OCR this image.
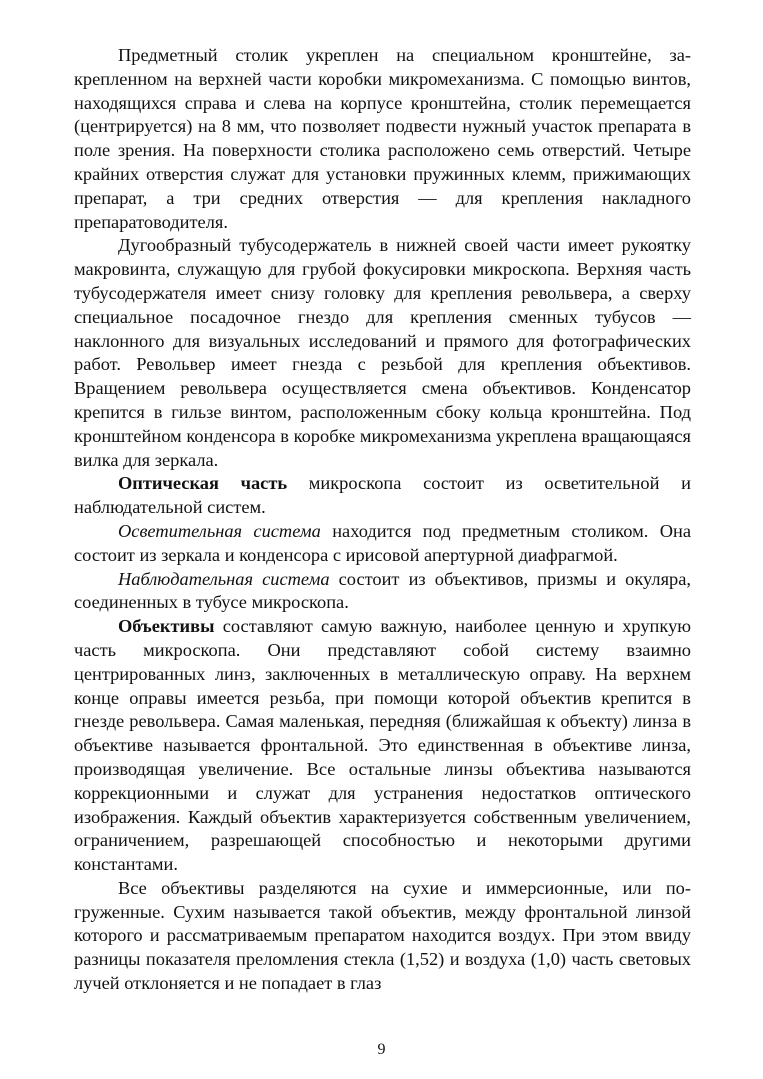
Предметный столик укреплен на специальном кронштейне, закрепленном на верхней части коробки микромеханизма. С помощью винтов, находящихся справа и слева на корпусе кронштейна, столик перемещается (центрируется) на 8 мм, что позволяет подвести нужный участок препарата в поле зрения. На поверхности столика расположено семь отверстий. Четыре крайних отверстия служат для установки пружинных клемм, прижимающих препарат, а три средних отверстия — для крепления накладного препаратоводителя.

Дугообразный тубусодержатель в нижней своей части имеет рукоятку макровинта, служащую для грубой фокусировки микроскопа. Верхняя часть тубусодержателя имеет снизу головку для крепления револьвера, а сверху специальное посадочное гнездо для крепления сменных тубусов — наклонного для визуальных исследований и прямого для фотографических работ. Револьвер имеет гнезда с резьбой для крепления объективов. Вращением револьвера осуществляется смена объективов. Конденсатор крепится в гильзе винтом, расположенным сбоку кольца кронштейна. Под кронштейном конденсора в коробке микромеханизма укреплена вращающаяся вилка для зеркала.

Оптическая часть микроскопа состоит из осветительной и наблюдательной систем.

Осветительная система находится под предметным столиком. Она состоит из зеркала и конденсора с ирисовой апертурной диафрагмой.

Наблюдательная система состоит из объективов, призмы и окуляра, соединенных в тубусе микроскопа.

Объективы составляют самую важную, наиболее ценную и хрупкую часть микроскопа. Они представляют собой систему взаимно центрированных линз, заключенных в металлическую оправу. На верхнем конце оправы имеется резьба, при помощи которой объектив крепится в гнезде револьвера. Самая маленькая, передняя (ближайшая к объекту) линза в объективе называется фронтальной. Это единственная в объективе линза, производящая увеличение. Все остальные линзы объектива называются коррекционными и служат для устранения недостатков оптического изображения. Каждый объектив характеризуется собственным увеличением, ограничением, разрешающей способностью и некоторыми другими константами.

Все объективы разделяются на сухие и иммерсионные, или погруженные. Сухим называется такой объектив, между фронтальной линзой которого и рассматриваемым препаратом находится воздух. При этом ввиду разницы показателя преломления стекла (1,52) и воздуха (1,0) часть световых лучей отклоняется и не попадает в глаз

9
